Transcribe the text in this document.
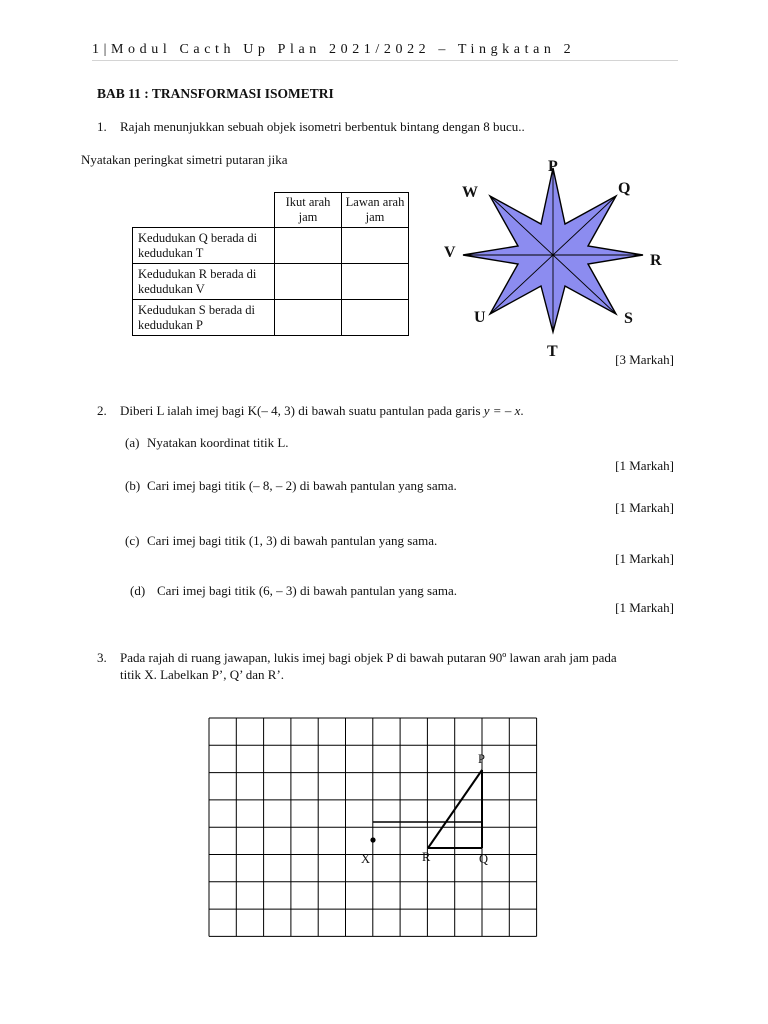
1|Modul Cacth Up Plan 2021/2022 – Tingkatan 2
BAB 11 : TRANSFORMASI ISOMETRI
1. Rajah menunjukkan sebuah objek isometri berbentuk bintang dengan 8 bucu..
Nyatakan peringkat simetri putaran jika
	Ikut arah jam	Lawan arah jam
Kedudukan Q berada di kedudukan T		
Kedudukan R berada di kedudukan V		
Kedudukan S berada di kedudukan P		
P
Q
R
S
T
U
V
W
[3 Markah]
2. Diberi L ialah imej bagi K(– 4, 3) di bawah suatu pantulan pada garis y = – x.
(a) Nyatakan koordinat titik L.
[1 Markah]
(b) Cari imej bagi titik (– 8, – 2) di bawah pantulan yang sama.
[1 Markah]
(c) Cari imej bagi titik (1, 3) di bawah pantulan yang sama.
[1 Markah]
(d) Cari imej bagi titik (6, – 3) di bawah pantulan yang sama.
[1 Markah]
3. Pada rajah di ruang jawapan, lukis imej bagi objek P di bawah putaran 90º lawan arah jam pada
titik X. Labelkan P’, Q’ dan R’.
P
Q
R
X
